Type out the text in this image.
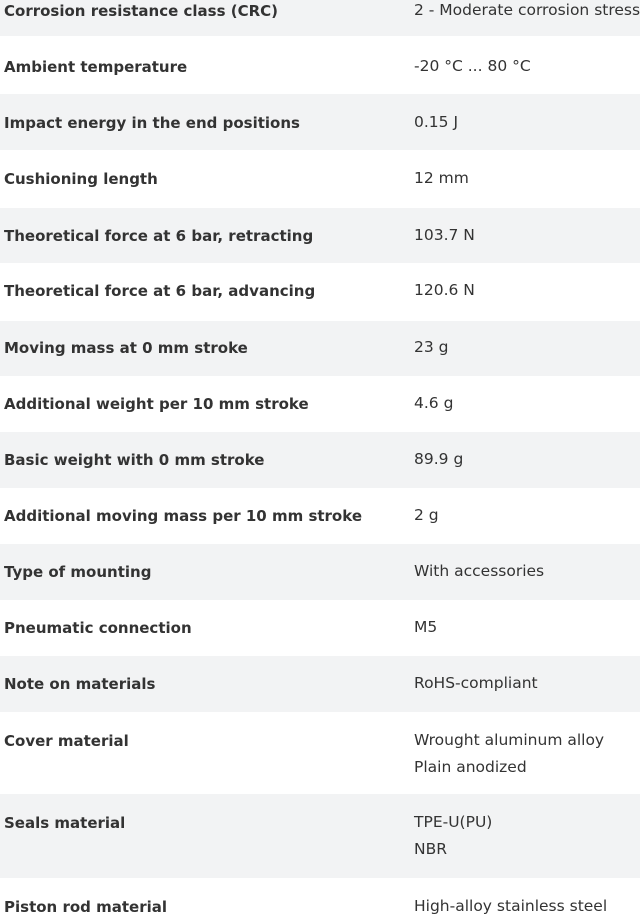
Corrosion resistance class (CRC)	2 - Moderate corrosion stress
Ambient temperature	-20 °C ... 80 °C
Impact energy in the end positions	0.15 J
Cushioning length	12 mm
Theoretical force at 6 bar, retracting	103.7 N
Theoretical force at 6 bar, advancing	120.6 N
Moving mass at 0 mm stroke	23 g
Additional weight per 10 mm stroke	4.6 g
Basic weight with 0 mm stroke	89.9 g
Additional moving mass per 10 mm stroke	2 g
Type of mounting	With accessories
Pneumatic connection	M5
Note on materials	RoHS-compliant
Cover material	Wrought aluminum alloy
Plain anodized
Seals material	TPE-U(PU)
NBR
Piston rod material	High-alloy stainless steel
